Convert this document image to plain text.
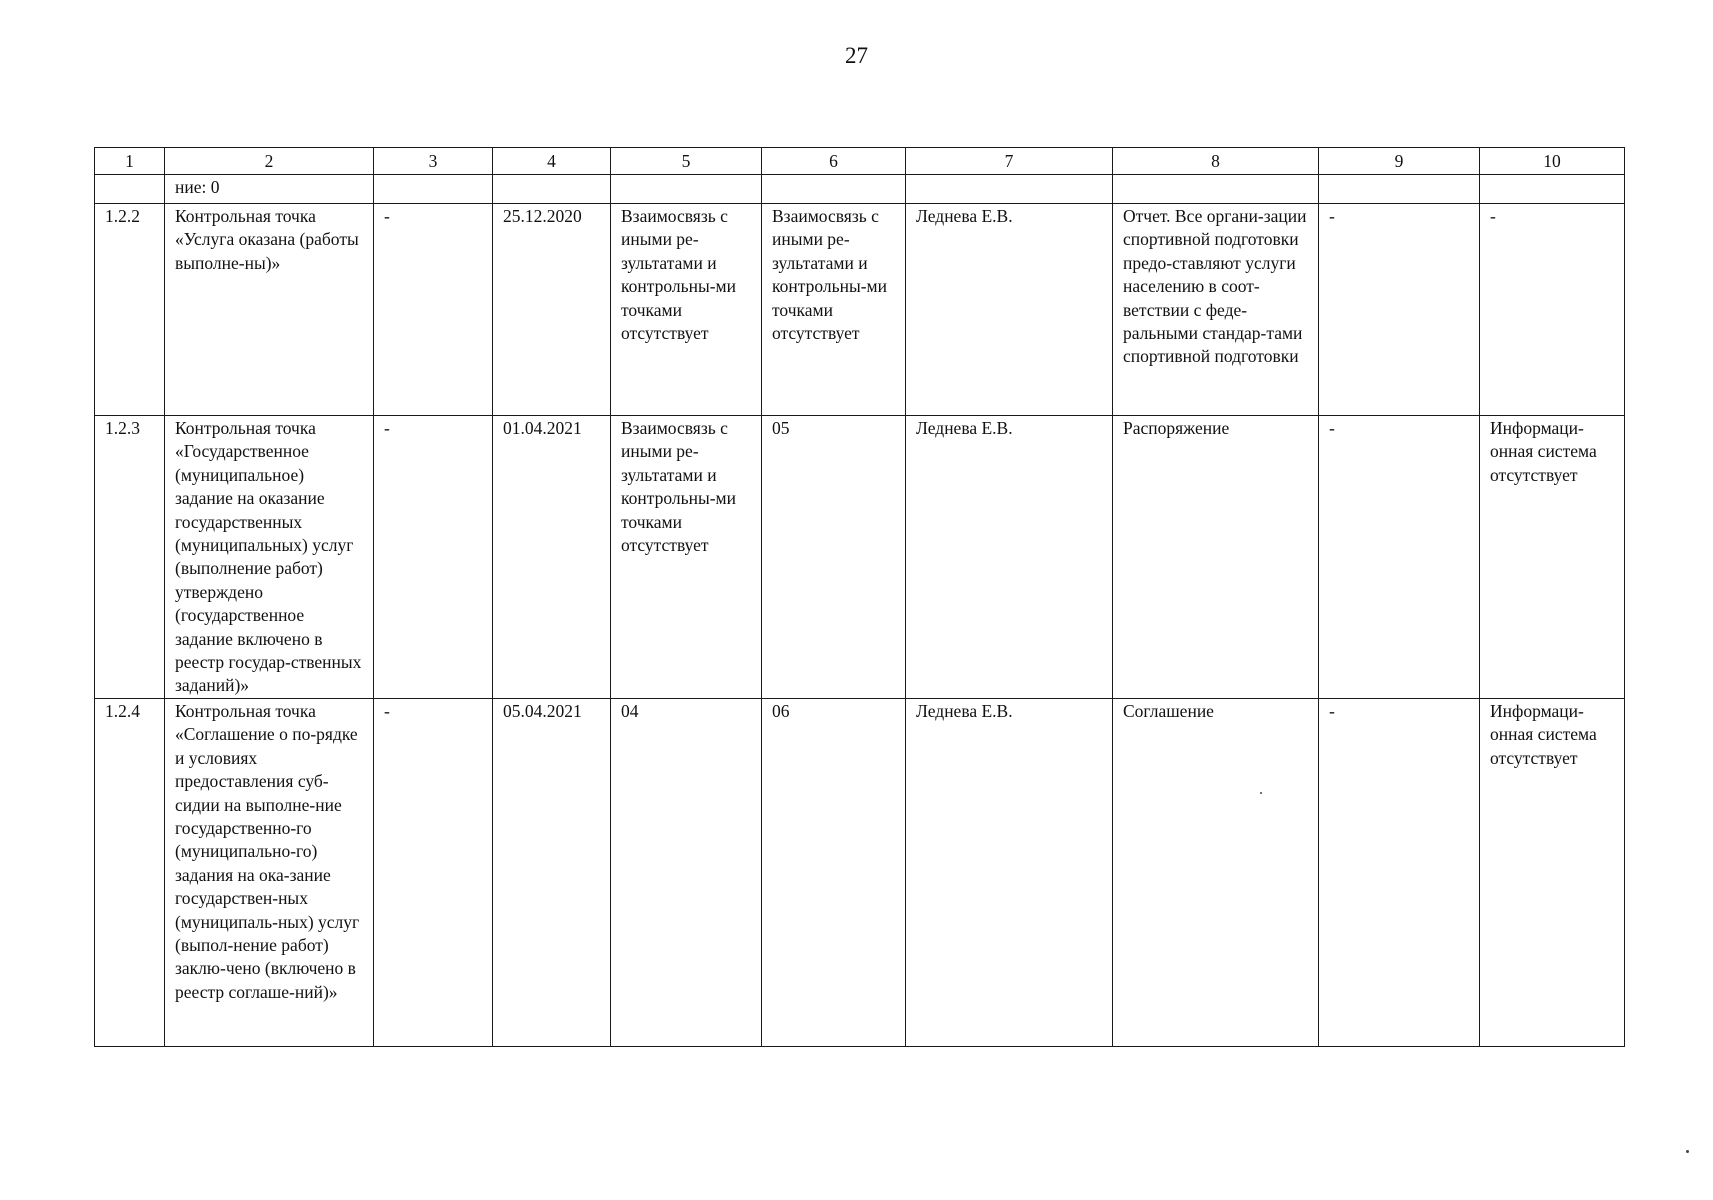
27
1	2	3	4	5	6	7	8	9	10
	ние: 0								
1.2.2	Контрольная точка «Услуга оказана (работы выполне-ны)»	-	25.12.2020	Взаимосвязь с иными ре-зультатами и контрольны-ми точками отсутствует	Взаимосвязь с иными ре-зультатами и контрольны-ми точками отсутствует	Леднева Е.В.	Отчет. Все органи-зации спортивной подготовки предо-ставляют услуги населению в соот-ветствии с феде-ральными стандар-тами спортивной подготовки	-	-
1.2.3	Контрольная точка «Государственное (муниципальное) задание на оказание государственных (муниципальных) услуг (выполнение работ) утверждено (государственное задание включено в реестр государ-ственных заданий)»	-	01.04.2021	Взаимосвязь с иными ре-зультатами и контрольны-ми точками отсутствует	05	Леднева Е.В.	Распоряжение	-	Информаци-онная система отсутствует
1.2.4	Контрольная точка «Соглашение о по-рядке и условиях предоставления суб-сидии на выполне-ние государственно-го (муниципально-го) задания на ока-зание государствен-ных (муниципаль-ных) услуг (выпол-нение работ) заклю-чено (включено в реестр соглаше-ний)»	-	05.04.2021	04	06	Леднева Е.В.	Соглашение	-	Информаци-онная система отсутствует
